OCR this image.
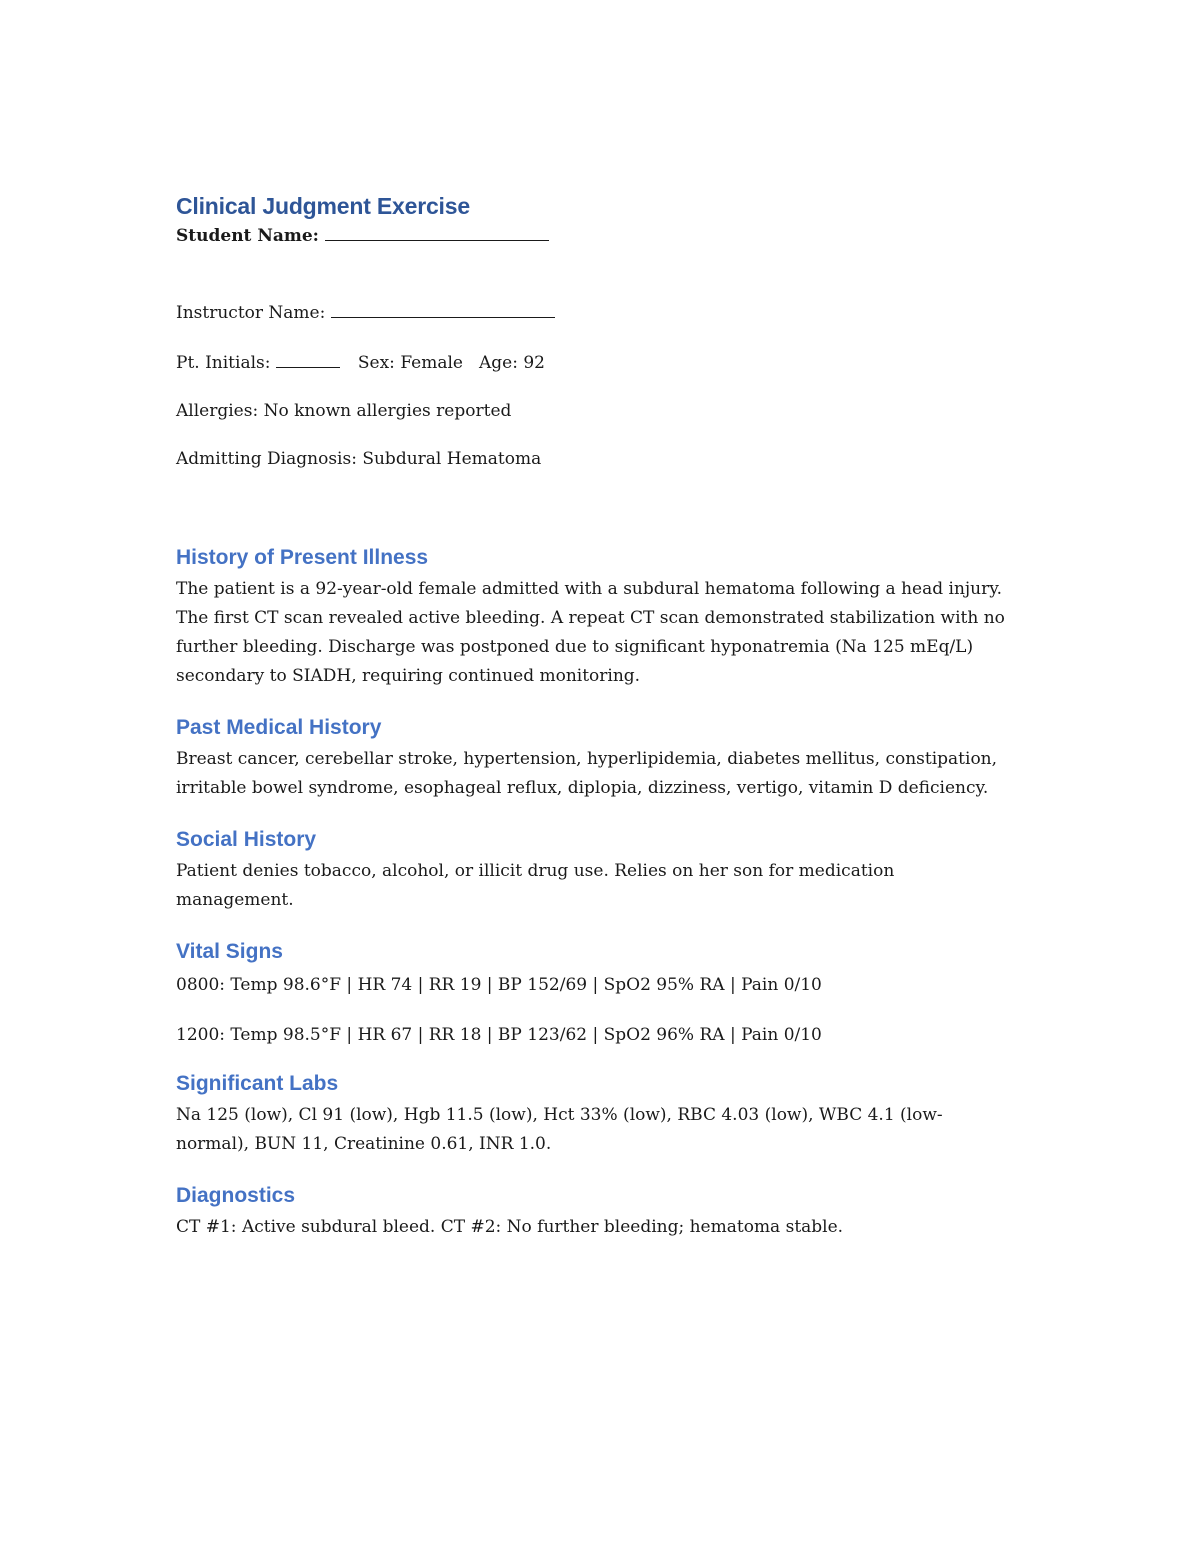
Clinical Judgment Exercise

Student Name:

Instructor Name:

Pt. Initials:	Sex: Female Age: 92

Allergies: No known allergies reported

Admitting Diagnosis: Subdural Hematoma

History of Present Illness

The patient is a 92-year-old female admitted with a subdural hematoma following a head injury. The first CT scan revealed active bleeding. A repeat CT scan demonstrated stabilization with no further bleeding. Discharge was postponed due to significant hyponatremia (Na 125 mEq/L) secondary to SIADH, requiring continued monitoring.

Past Medical History

Breast cancer, cerebellar stroke, hypertension, hyperlipidemia, diabetes mellitus, constipation, irritable bowel syndrome, esophageal reflux, diplopia, dizziness, vertigo, vitamin D deficiency.

Social History

Patient denies tobacco, alcohol, or illicit drug use. Relies on her son for medication management.

Vital Signs

0800: Temp 98.6°F | HR 74 | RR 19 | BP 152/69 | SpO2 95% RA | Pain 0/10

1200: Temp 98.5°F | HR 67 | RR 18 | BP 123/62 | SpO2 96% RA | Pain 0/10

Significant Labs

Na 125 (low), Cl 91 (low), Hgb 11.5 (low), Hct 33% (low), RBC 4.03 (low), WBC 4.1 (low-normal), BUN 11, Creatinine 0.61, INR 1.0.

Diagnostics

CT #1: Active subdural bleed. CT #2: No further bleeding; hematoma stable.
